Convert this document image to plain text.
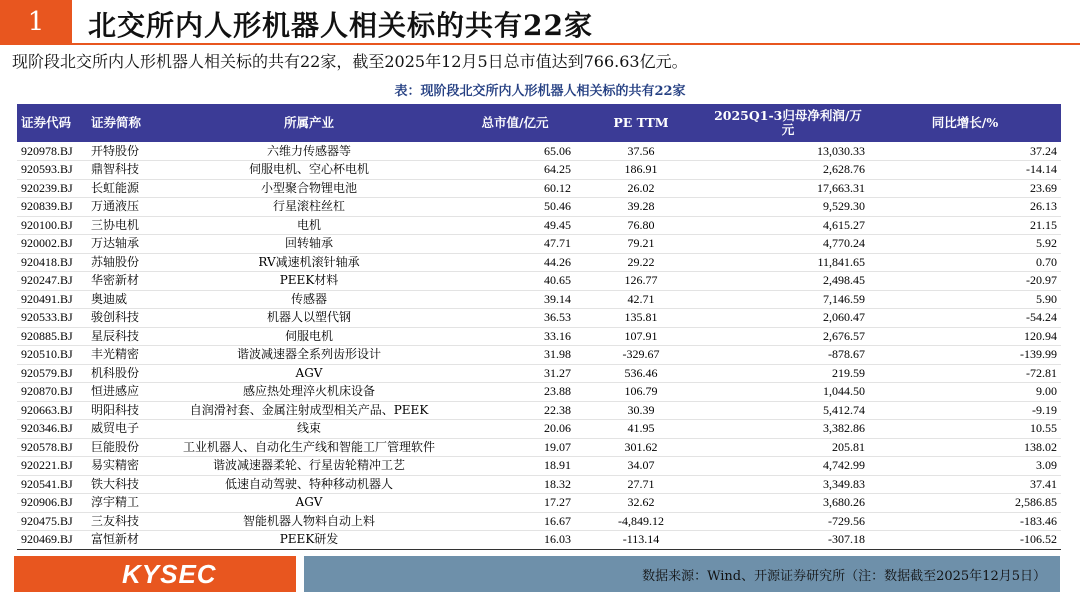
1	北交所内人形机器人相关标的共有22家
现阶段北交所内人形机器人相关标的共有22家，截至2025年12月5日总市值达到766.63亿元。
表：现阶段北交所内人形机器人相关标的共有22家
证券代码	证券简称	所属产业	总市值/亿元	PE TTM	2025Q1-3归母净利润/万元	同比增长/%
920978.BJ	开特股份	六维力传感器等	65.06	37.56	13,030.33	37.24
920593.BJ	鼎智科技	伺服电机、空心杯电机	64.25	186.91	2,628.76	-14.14
920239.BJ	长虹能源	小型聚合物锂电池	60.12	26.02	17,663.31	23.69
920839.BJ	万通液压	行星滚柱丝杠	50.46	39.28	9,529.30	26.13
920100.BJ	三协电机	电机	49.45	76.80	4,615.27	21.15
920002.BJ	万达轴承	回转轴承	47.71	79.21	4,770.24	5.92
920418.BJ	苏轴股份	RV减速机滚针轴承	44.26	29.22	11,841.65	0.70
920247.BJ	华密新材	PEEK材料	40.65	126.77	2,498.45	-20.97
920491.BJ	奥迪威	传感器	39.14	42.71	7,146.59	5.90
920533.BJ	骏创科技	机器人以塑代钢	36.53	135.81	2,060.47	-54.24
920885.BJ	星辰科技	伺服电机	33.16	107.91	2,676.57	120.94
920510.BJ	丰光精密	谐波减速器全系列齿形设计	31.98	-329.67	-878.67	-139.99
920579.BJ	机科股份	AGV	31.27	536.46	219.59	-72.81
920870.BJ	恒进感应	感应热处理淬火机床设备	23.88	106.79	1,044.50	9.00
920663.BJ	明阳科技	自润滑衬套、金属注射成型相关产品、PEEK	22.38	30.39	5,412.74	-9.19
920346.BJ	威贸电子	线束	20.06	41.95	3,382.86	10.55
920578.BJ	巨能股份	工业机器人、自动化生产线和智能工厂管理软件	19.07	301.62	205.81	138.02
920221.BJ	易实精密	谐波减速器柔轮、行星齿轮精冲工艺	18.91	34.07	4,742.99	3.09
920541.BJ	铁大科技	低速自动驾驶、特种移动机器人	18.32	27.71	3,349.83	37.41
920906.BJ	淳宇精工	AGV	17.27	32.62	3,680.26	2,586.85
920475.BJ	三友科技	智能机器人物料自动上料	16.67	-4,849.12	-729.56	-183.46
920469.BJ	富恒新材	PEEK研发	16.03	-113.14	-307.18	-106.52
KYSEC	数据来源：Wind、开源证券研究所（注：数据截至2025年12月5日）
